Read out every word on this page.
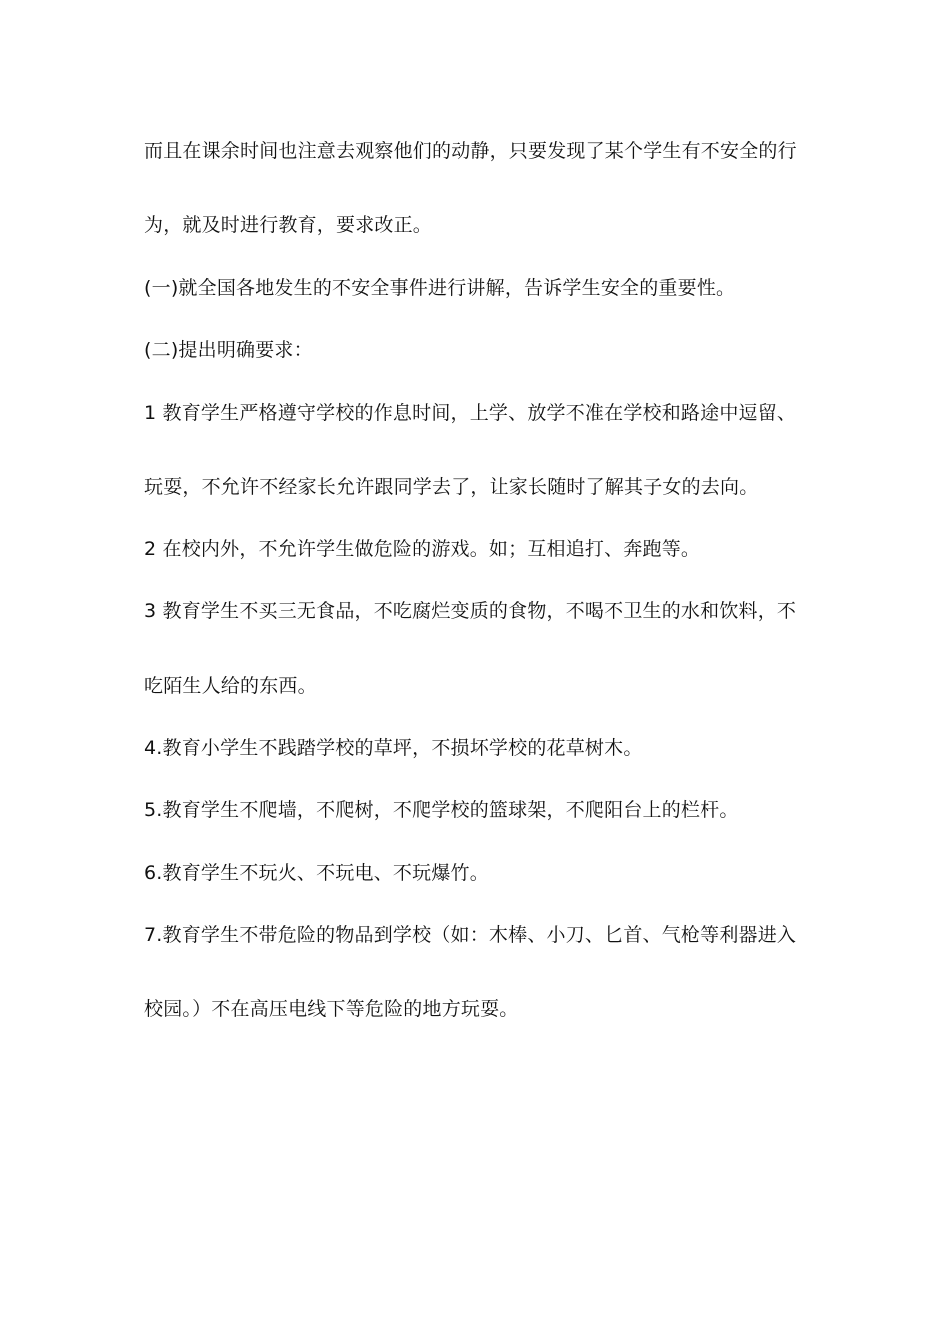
而且在课余时间也注意去观察他们的动静，只要发现了某个学生有不安全的行
为，就及时进行教育，要求改正。
(一)就全国各地发生的不安全事件进行讲解，告诉学生安全的重要性。
(二)提出明确要求：
1 教育学生严格遵守学校的作息时间，上学、放学不准在学校和路途中逗留、
玩耍，不允许不经家长允许跟同学去了，让家长随时了解其子女的去向。
2 在校内外，不允许学生做危险的游戏。如；互相追打、奔跑等。
3 教育学生不买三无食品，不吃腐烂变质的食物，不喝不卫生的水和饮料，不
吃陌生人给的东西。
4.教育小学生不践踏学校的草坪，不损坏学校的花草树木。
5.教育学生不爬墙，不爬树，不爬学校的篮球架，不爬阳台上的栏杆。
6.教育学生不玩火、不玩电、不玩爆竹。
7.教育学生不带危险的物品到学校（如：木棒、小刀、匕首、气枪等利器进入
校园。）不在高压电线下等危险的地方玩耍。
